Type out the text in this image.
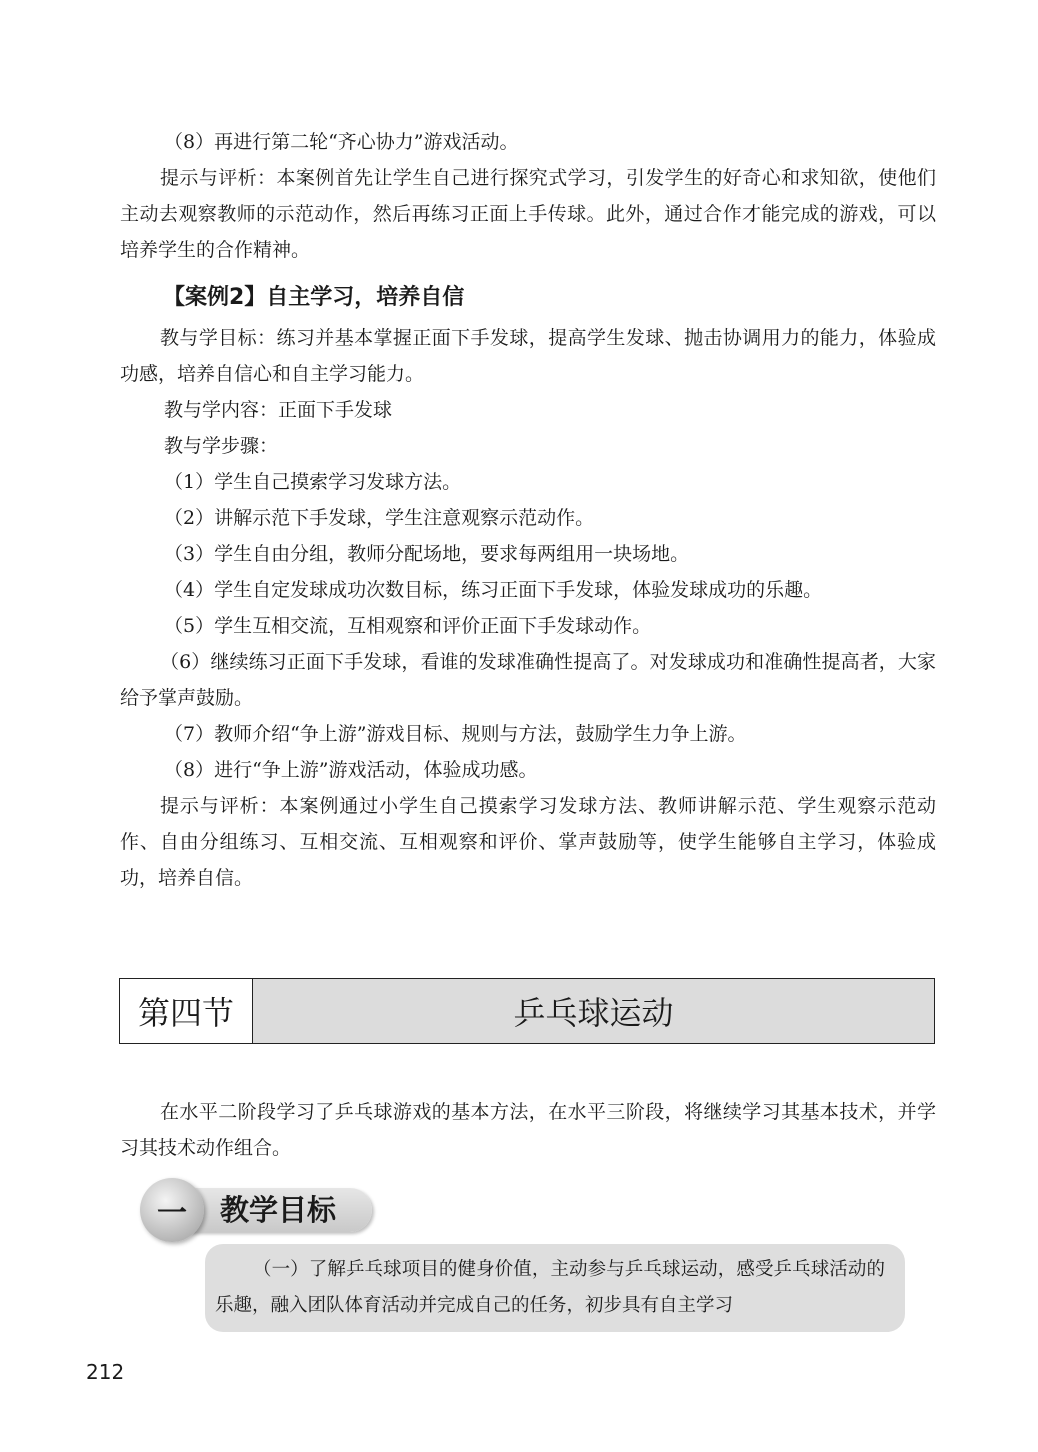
（8）再进行第二轮“齐心协力”游戏活动。

提示与评析：本案例首先让学生自己进行探究式学习，引发学生的好奇心和求知欲，使他们主动去观察教师的示范动作，然后再练习正面上手传球。此外，通过合作才能完成的游戏，可以培养学生的合作精神。

【案例2】自主学习，培养自信

教与学目标：练习并基本掌握正面下手发球，提高学生发球、抛击协调用力的能力，体验成功感，培养自信心和自主学习能力。

教与学内容：正面下手发球

教与学步骤：

（1）学生自己摸索学习发球方法。

（2）讲解示范下手发球，学生注意观察示范动作。

（3）学生自由分组，教师分配场地，要求每两组用一块场地。

（4）学生自定发球成功次数目标，练习正面下手发球，体验发球成功的乐趣。

（5）学生互相交流，互相观察和评价正面下手发球动作。

（6）继续练习正面下手发球，看谁的发球准确性提高了。对发球成功和准确性提高者，大家给予掌声鼓励。

（7）教师介绍“争上游”游戏目标、规则与方法，鼓励学生力争上游。

（8）进行“争上游”游戏活动，体验成功感。

提示与评析：本案例通过小学生自己摸索学习发球方法、教师讲解示范、学生观察示范动作、自由分组练习、互相交流、互相观察和评价、掌声鼓励等，使学生能够自主学习，体验成功，培养自信。

第四节	乒乓球运动

在水平二阶段学习了乒乓球游戏的基本方法，在水平三阶段，将继续学习其基本技术，并学习其技术动作组合。

一	教学目标

（一）了解乒乓球项目的健身价值，主动参与乒乓球运动，感受乒乓球活动的乐趣，融入团队体育活动并完成自己的任务，初步具有自主学习

212
